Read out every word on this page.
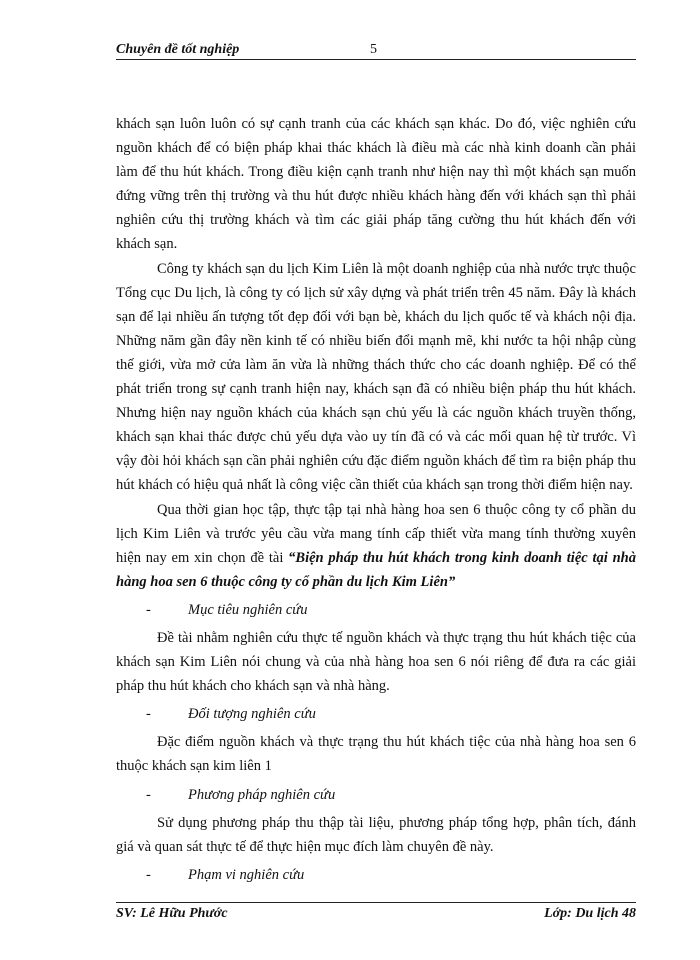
Chuyên đề tốt nghiệp	5

khách sạn luôn luôn có sự cạnh tranh của các khách sạn khác. Do đó, việc nghiên cứu nguồn khách để có biện pháp khai thác khách là điều mà các nhà kinh doanh cần phải làm để thu hút khách. Trong điều kiện cạnh tranh như hiện nay thì một khách sạn muốn đứng vững trên thị trường và thu hút được nhiều khách hàng đến với khách sạn thì phải nghiên cứu thị trường khách và tìm các giải pháp tăng cường thu hút khách đến với khách sạn.

Công ty khách sạn du lịch Kim Liên là một doanh nghiệp của nhà nước trực thuộc Tổng cục Du lịch, là công ty có lịch sử xây dựng và phát triển trên 45 năm. Đây là khách sạn để lại nhiều ấn tượng tốt đẹp đối với bạn bè, khách du lịch quốc tế và khách nội địa. Những năm gần đây nền kinh tế có nhiều biến đổi mạnh mẽ, khi nước ta hội nhập cùng thế giới, vừa mở cửa làm ăn vừa là những thách thức cho các doanh nghiệp. Để có thể phát triển trong sự cạnh tranh hiện nay, khách sạn đã có nhiều biện pháp thu hút khách. Nhưng hiện nay nguồn khách của khách sạn chủ yếu là các nguồn khách truyền thống, khách sạn khai thác được chủ yếu dựa vào uy tín đã có và các mối quan hệ từ trước. Vì vậy đòi hỏi khách sạn cần phải nghiên cứu đặc điểm nguồn khách để tìm ra biện pháp thu hút khách có hiệu quả nhất là công việc cần thiết của khách sạn trong thời điểm hiện nay.

Qua thời gian học tập, thực tập tại nhà hàng hoa sen 6 thuộc công ty cổ phần du lịch Kim Liên và trước yêu cầu vừa mang tính cấp thiết vừa mang tính thường xuyên hiện nay em xin chọn đề tài “Biện pháp thu hút khách trong kinh doanh tiệc tại nhà hàng hoa sen 6 thuộc công ty cổ phần du lịch Kim Liên”

-	Mục tiêu nghiên cứu

Đề tài nhằm nghiên cứu thực tế nguồn khách và thực trạng thu hút khách tiệc của khách sạn Kim Liên nói chung và của nhà hàng hoa sen 6 nói riêng để đưa ra các giải pháp thu hút khách cho khách sạn và nhà hàng.

-	Đối tượng nghiên cứu

Đặc điểm nguồn khách và thực trạng thu hút khách tiệc của nhà hàng hoa sen 6 thuộc khách sạn kim liên 1

-	Phương pháp nghiên cứu

Sử dụng phương pháp thu thập tài liệu, phương pháp tổng hợp, phân tích, đánh giá và quan sát thực tế để thực hiện mục đích làm chuyên đề này.

-	Phạm vi nghiên cứu
SV: Lê Hữu Phước	Lớp: Du lịch 48
